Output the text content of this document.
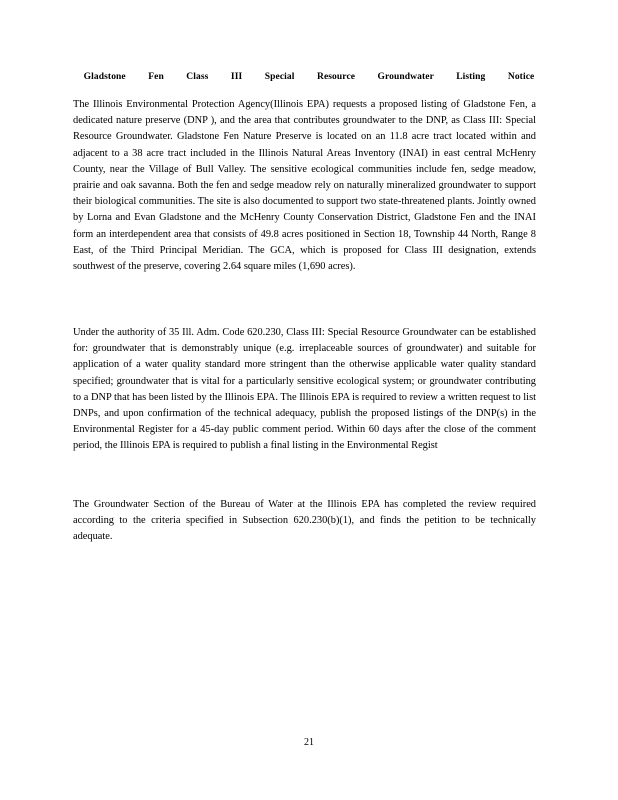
Gladstone Fen Class III Special Resource Groundwater Listing Notice

The Illinois Environmental Protection Agency(Illinois EPA) requests a proposed listing of Gladstone Fen, a dedicated nature preserve (DNP ), and the area that contributes groundwater to the DNP, as Class III: Special Resource Groundwater. Gladstone Fen Nature Preserve is located on an 11.8 acre tract located within and adjacent to a 38 acre tract included in the Illinois Natural Areas Inventory (INAI) in east central McHenry County, near the Village of Bull Valley. The sensitive ecological communities include fen, sedge meadow, prairie and oak savanna. Both the fen and sedge meadow rely on naturally mineralized groundwater to support their biological communities. The site is also documented to support two state-threatened plants. Jointly owned by Lorna and Evan Gladstone and the McHenry County Conservation District, Gladstone Fen and the INAI form an interdependent area that consists of 49.8 acres positioned in Section 18, Township 44 North, Range 8 East, of the Third Principal Meridian. The GCA, which is proposed for Class III designation, extends southwest of the preserve, covering 2.64 square miles (1,690 acres).

Under the authority of 35 Ill. Adm. Code 620.230, Class III: Special Resource Groundwater can be established for: groundwater that is demonstrably unique (e.g. irreplaceable sources of groundwater) and suitable for application of a water quality standard more stringent than the otherwise applicable water quality standard specified; groundwater that is vital for a particularly sensitive ecological system; or groundwater contributing to a DNP that has been listed by the Illinois EPA. The Illinois EPA is required to review a written request to list DNPs, and upon confirmation of the technical adequacy, publish the proposed listings of the DNP(s) in the Environmental Register for a 45-day public comment period. Within 60 days after the close of the comment period, the Illinois EPA is required to publish a final listing in the Environmental Regist

The Groundwater Section of the Bureau of Water at the Illinois EPA has completed the review required according to the criteria specified in Subsection 620.230(b)(1), and finds the petition to be technically adequate.

21
